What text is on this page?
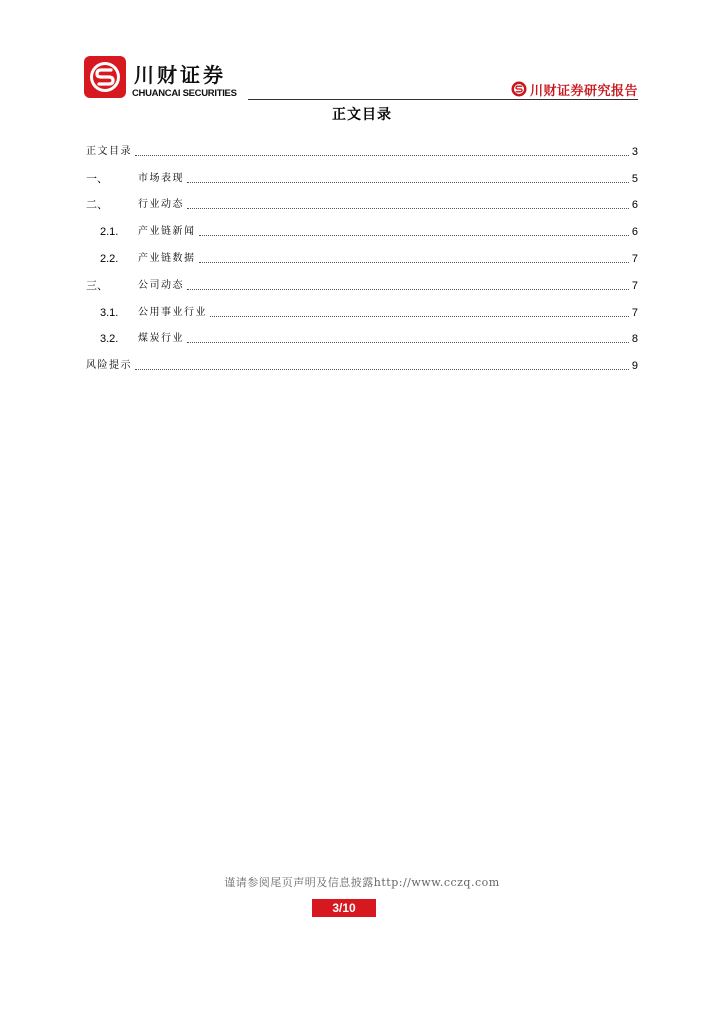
川财证券
CHUANCAI SECURITIES	川财证券研究报告
正文目录
正文目录	3
一、	市场表现	5
二、	行业动态	6
2.1.	产业链新闻	6
2.2.	产业链数据	7
三、	公司动态	7
3.1.	公用事业行业	7
3.2.	煤炭行业	8
风险提示	9
谨请参阅尾页声明及信息披露http://www.cczq.com
3/10
